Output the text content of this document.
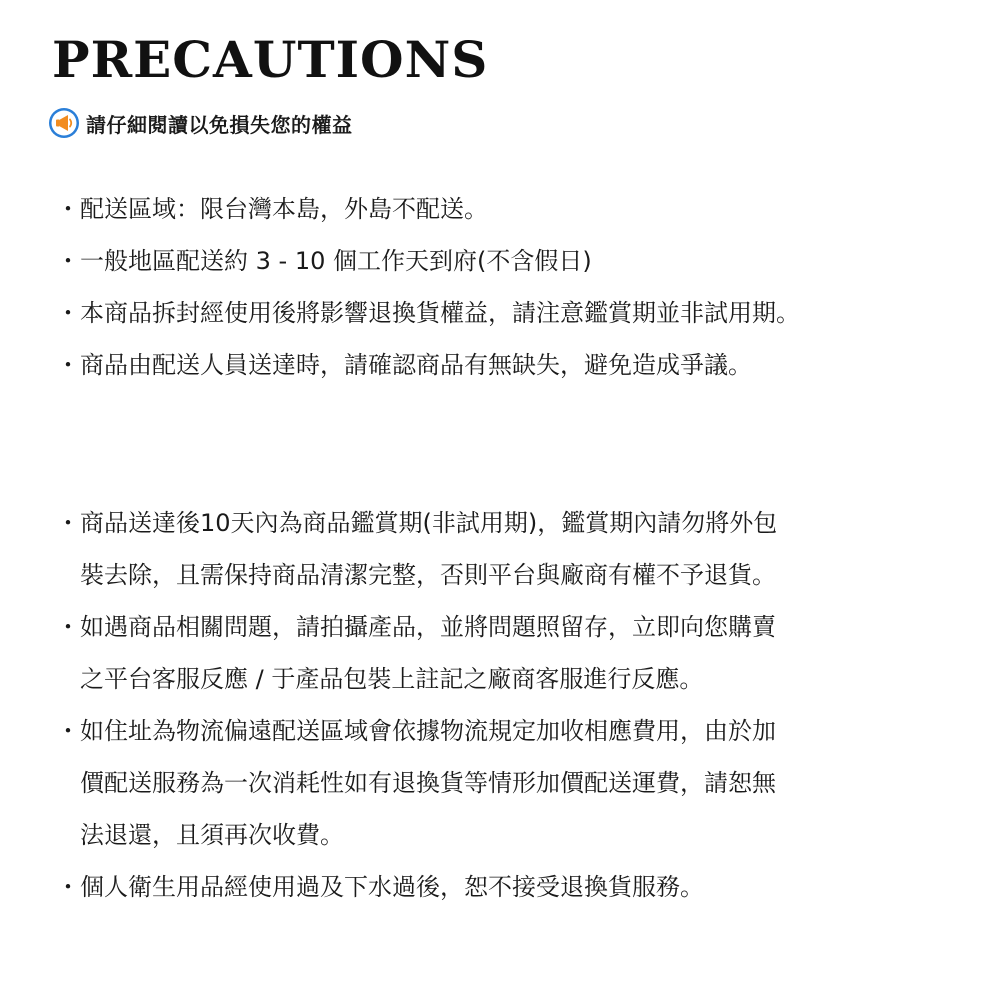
PRECAUTIONS
請仔細閱讀以免損失您的權益
・ 配送區域：限台灣本島，外島不配送。
・ 一般地區配送約 3 - 10 個工作天到府(不含假日)
・ 本商品拆封經使用後將影響退換貨權益，請注意鑑賞期並非試用期。
・ 商品由配送人員送達時，請確認商品有無缺失，避免造成爭議。
・ 商品送達後10天內為商品鑑賞期(非試用期)，鑑賞期內請勿將外包
裝去除，且需保持商品清潔完整，否則平台與廠商有權不予退貨。
・ 如遇商品相關問題，請拍攝產品，並將問題照留存，立即向您購賣
之平台客服反應 / 于產品包裝上註記之廠商客服進行反應。
・ 如住址為物流偏遠配送區域會依據物流規定加收相應費用，由於加
價配送服務為一次消耗性如有退換貨等情形加價配送運費，請恕無
法退還，且須再次收費。
・ 個人衛生用品經使用過及下水過後，恕不接受退換貨服務。
